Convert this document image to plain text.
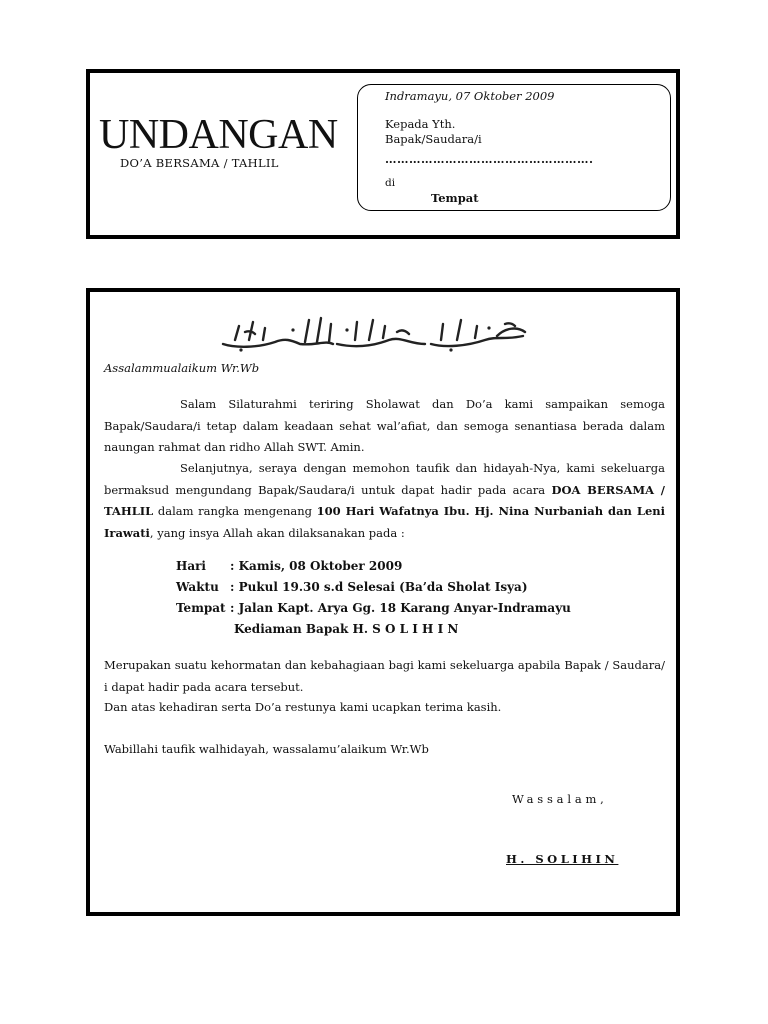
UNDANGAN

DO’A BERSAMA / TAHLIL

Indramayu, 07 Oktober 2009

Kepada Yth.

Bapak/Saudara/i

…………………………………………….

di

Tempat

Assalammualaikum Wr.Wb

Salam Silaturahmi teriring Sholawat dan Do’a kami sampaikan semoga Bapak/Saudara/i tetap dalam keadaan sehat wal’afiat, dan semoga senantiasa berada dalam naungan rahmat dan ridho Allah SWT. Amin.

Selanjutnya, seraya dengan memohon taufik dan hidayah-Nya, kami sekeluarga bermaksud mengundang Bapak/Saudara/i untuk dapat hadir pada acara DOA BERSAMA / TAHLIL dalam rangka mengenang 100 Hari Wafatnya Ibu. Hj. Nina Nurbaniah dan Leni Irawati, yang insya Allah akan dilaksanakan pada :

Hari : Kamis, 08 Oktober 2009

Waktu : Pukul 19.30 s.d Selesai (Ba’da Sholat Isya)

Tempat : Jalan Kapt. Arya Gg. 18 Karang Anyar-Indramayu

Kediaman Bapak H. S O L I H I N

Merupakan suatu kehormatan dan kebahagiaan bagi kami sekeluarga apabila Bapak / Saudara/ i dapat hadir pada acara tersebut.

Dan atas kehadiran serta Do’a restunya kami ucapkan terima kasih.

Wabillahi taufik walhidayah, wassalamu’alaikum Wr.Wb

Wassalam,

H. SOLIHIN
